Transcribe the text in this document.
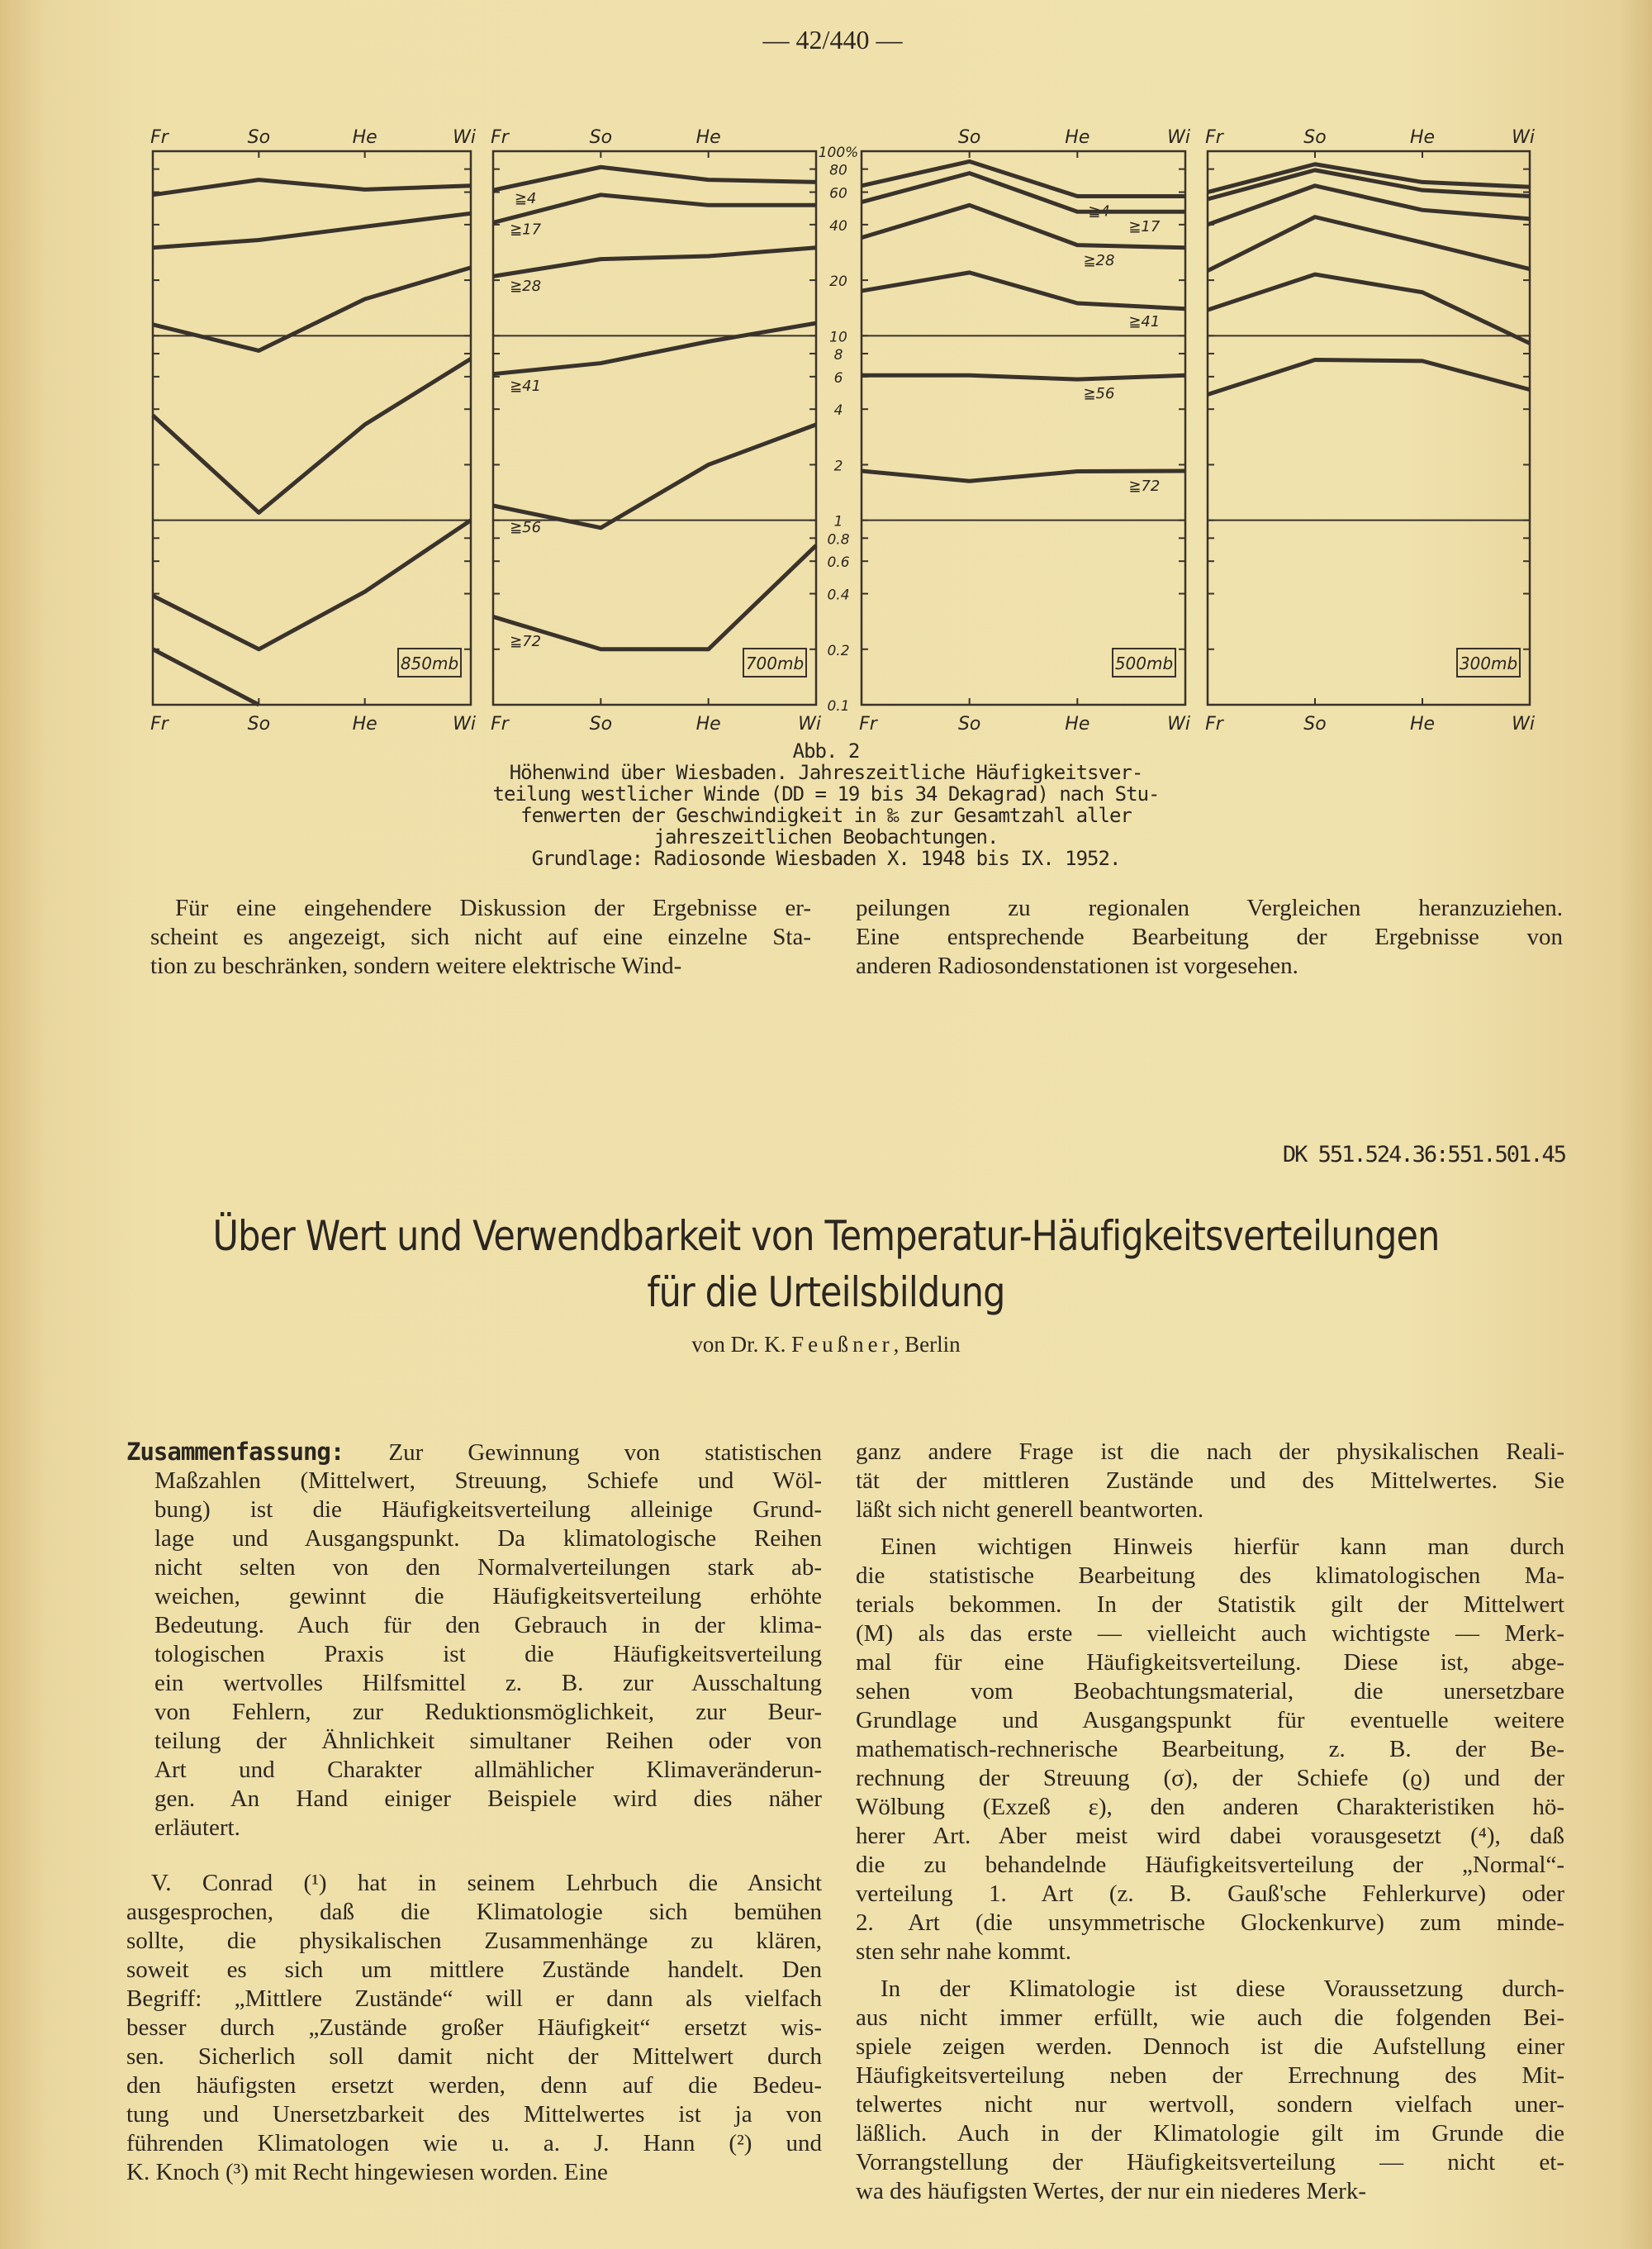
— 42/440 —
Fr
Fr
So
So
He
He
Wi
Wi
850mb
Fr
Fr
So
So
He
He	Wi
≧4
≧17
≧28
≧41
≧56
≧72
700mb
Fr
So
So
He
He
Wi
Wi
≧4
≧17
≧28
≧41
≧56
≧72
500mb
Fr
Fr
So
So
He
He
Wi
Wi
300mb
100%
80
60
40
20
10
8
6
4
2
1
0.8
0.6
0.4
0.2
0.1
Abb. 2
Höhenwind über Wiesbaden. Jahreszeitliche Häufigkeitsver-
teilung westlicher Winde (DD = 19 bis 34 Dekagrad) nach Stu-
fenwerten der Geschwindigkeit in ‰ zur Gesamtzahl aller
jahreszeitlichen Beobachtungen.
Grundlage: Radiosonde Wiesbaden X. 1948 bis IX. 1952.
Für eine eingehendere Diskussion der Ergebnisse er-
scheint es angezeigt, sich nicht auf eine einzelne Sta-
tion zu beschränken, sondern weitere elektrische Wind-
peilungen zu regionalen Vergleichen heranzuziehen.
Eine entsprechende Bearbeitung der Ergebnisse von
anderen Radiosondenstationen ist vorgesehen.
DK 551.524.36:551.501.45
Über Wert und Verwendbarkeit von Temperatur-Häufigkeitsverteilungen
für die Urteilsbildung
von Dr. K. Feußner, Berlin
Zusammenfassung: Zur Gewinnung von statistischen
Maßzahlen (Mittelwert, Streuung, Schiefe und Wöl-
bung) ist die Häufigkeitsverteilung alleinige Grund-
lage und Ausgangspunkt. Da klimatologische Reihen
nicht selten von den Normalverteilungen stark ab-
weichen, gewinnt die Häufigkeitsverteilung erhöhte
Bedeutung. Auch für den Gebrauch in der klima-
tologischen Praxis ist die Häufigkeitsverteilung
ein wertvolles Hilfsmittel z. B. zur Ausschaltung
von Fehlern, zur Reduktionsmöglichkeit, zur Beur-
teilung der Ähnlichkeit simultaner Reihen oder von
Art und Charakter allmählicher Klimaveränderun-
gen. An Hand einiger Beispiele wird dies näher
erläutert.
V. Conrad (¹) hat in seinem Lehrbuch die Ansicht
ausgesprochen, daß die Klimatologie sich bemühen
sollte, die physikalischen Zusammenhänge zu klären,
soweit es sich um mittlere Zustände handelt. Den
Begriff: „Mittlere Zustände“ will er dann als vielfach
besser durch „Zustände großer Häufigkeit“ ersetzt wis-
sen. Sicherlich soll damit nicht der Mittelwert durch
den häufigsten ersetzt werden, denn auf die Bedeu-
tung und Unersetzbarkeit des Mittelwertes ist ja von
führenden Klimatologen wie u. a. J. Hann (²) und
K. Knoch (³) mit Recht hingewiesen worden. Eine
ganz andere Frage ist die nach der physikalischen Reali-
tät der mittleren Zustände und des Mittelwertes. Sie
läßt sich nicht generell beantworten.
Einen wichtigen Hinweis hierfür kann man durch
die statistische Bearbeitung des klimatologischen Ma-
terials bekommen. In der Statistik gilt der Mittelwert
(M) als das erste — vielleicht auch wichtigste — Merk-
mal für eine Häufigkeitsverteilung. Diese ist, abge-
sehen vom Beobachtungsmaterial, die unersetzbare
Grundlage und Ausgangspunkt für eventuelle weitere
mathematisch-rechnerische Bearbeitung, z. B. der Be-
rechnung der Streuung (σ), der Schiefe (ϱ) und der
Wölbung (Exzeß ε), den anderen Charakteristiken hö-
herer Art. Aber meist wird dabei vorausgesetzt (⁴), daß
die zu behandelnde Häufigkeitsverteilung der „Normal“-
verteilung 1. Art (z. B. Gauß'sche Fehlerkurve) oder
2. Art (die unsymmetrische Glockenkurve) zum minde-
sten sehr nahe kommt.
In der Klimatologie ist diese Voraussetzung durch-
aus nicht immer erfüllt, wie auch die folgenden Bei-
spiele zeigen werden. Dennoch ist die Aufstellung einer
Häufigkeitsverteilung neben der Errechnung des Mit-
telwertes nicht nur wertvoll, sondern vielfach uner-
läßlich. Auch in der Klimatologie gilt im Grunde die
Vorrangstellung der Häufigkeitsverteilung — nicht et-
wa des häufigsten Wertes, der nur ein niederes Merk-
